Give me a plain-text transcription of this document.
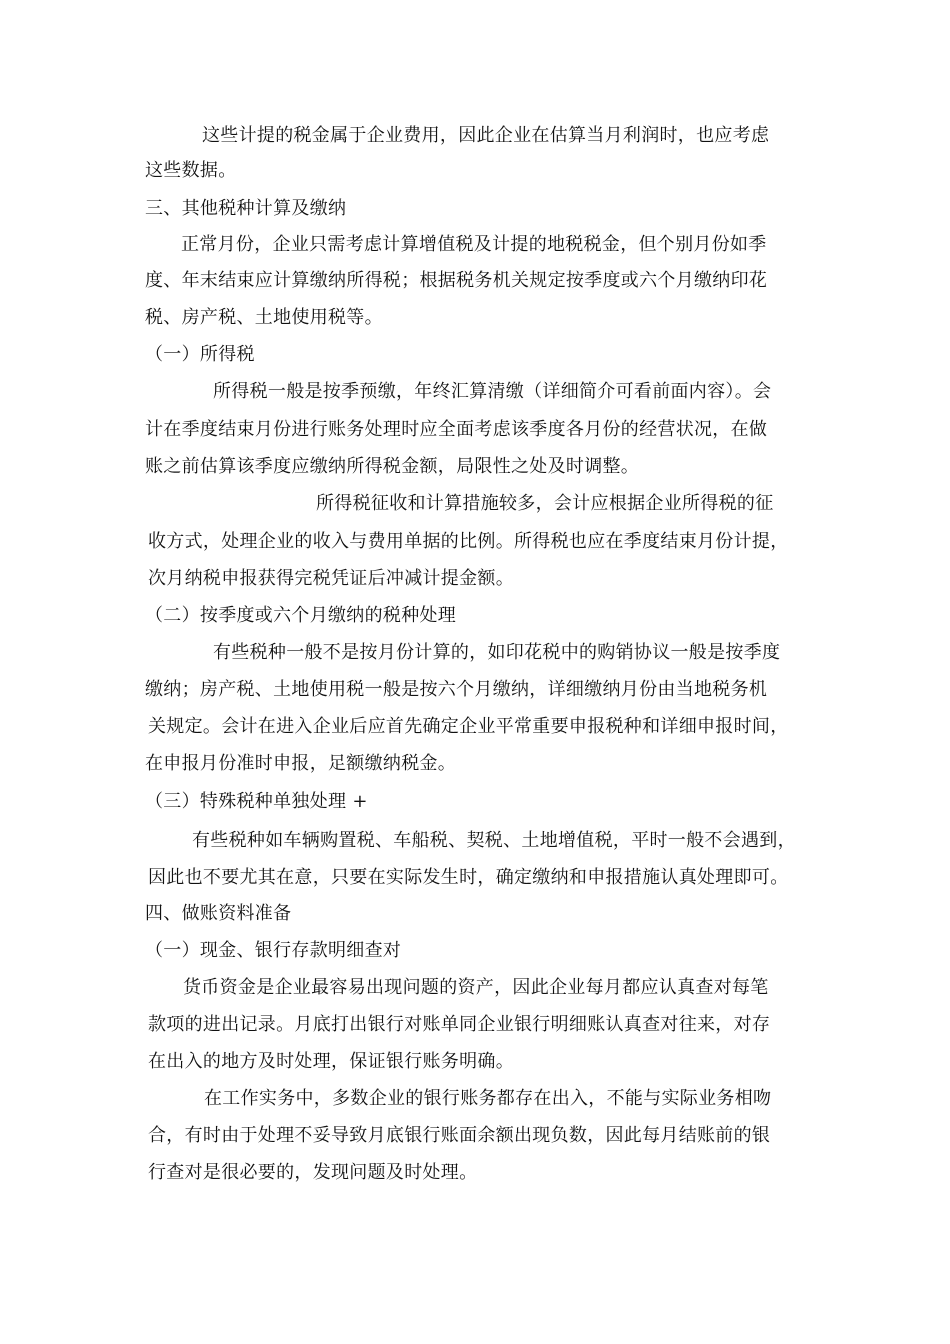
这些计提的税金属于企业费用，因此企业在估算当月利润时，也应考虑
这些数据。
三、其他税种计算及缴纳
正常月份，企业只需考虑计算增值税及计提的地税税金，但个别月份如季
度、年末结束应计算缴纳所得税；根据税务机关规定按季度或六个月缴纳印花
税、房产税、土地使用税等。
（一）所得税
所得税一般是按季预缴，年终汇算清缴（详细简介可看前面内容）。会
计在季度结束月份进行账务处理时应全面考虑该季度各月份的经营状况，在做
账之前估算该季度应缴纳所得税金额，局限性之处及时调整。
所得税征收和计算措施较多，会计应根据企业所得税的征
收方式，处理企业的收入与费用单据的比例。所得税也应在季度结束月份计提，
次月纳税申报获得完税凭证后冲减计提金额。
（二）按季度或六个月缴纳的税种处理
有些税种一般不是按月份计算的，如印花税中的购销协议一般是按季度
缴纳；房产税、土地使用税一般是按六个月缴纳，详细缴纳月份由当地税务机
关规定。会计在进入企业后应首先确定企业平常重要申报税种和详细申报时间，
在申报月份准时申报，足额缴纳税金。
（三）特殊税种单独处理 +
有些税种如车辆购置税、车船税、契税、土地增值税，平时一般不会遇到，
因此也不要尤其在意，只要在实际发生时，确定缴纳和申报措施认真处理即可。
四、做账资料准备
（一）现金、银行存款明细查对
货币资金是企业最容易出现问题的资产，因此企业每月都应认真查对每笔
款项的进出记录。月底打出银行对账单同企业银行明细账认真查对往来，对存
在出入的地方及时处理，保证银行账务明确。
在工作实务中，多数企业的银行账务都存在出入，不能与实际业务相吻
合，有时由于处理不妥导致月底银行账面余额出现负数，因此每月结账前的银
行查对是很必要的，发现问题及时处理。
